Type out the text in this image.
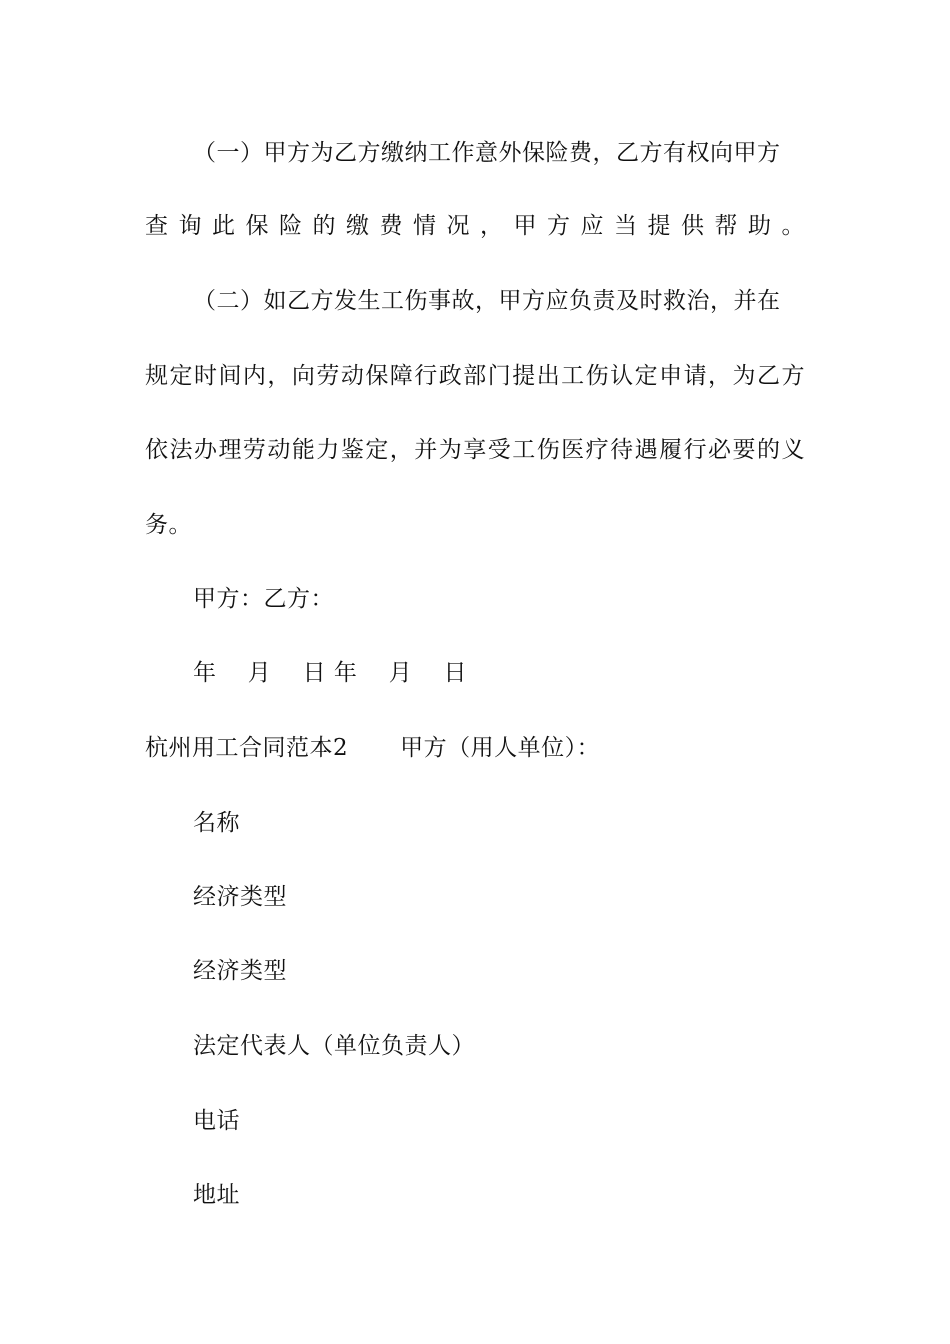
（一）甲方为乙方缴纳工作意外保险费，乙方有权向甲方
查询此保险的缴费情况，甲方应当提供帮助。
（二）如乙方发生工伤事故，甲方应负责及时救治，并在
规定时间内，向劳动保障行政部门提出工伤认定申请，为乙方
依法办理劳动能力鉴定，并为享受工伤医疗待遇履行必要的义
务。
甲方：乙方：
年　 月　 日 年　 月　 日
杭州用工合同范本2 甲方（用人单位）：
名称
经济类型
经济类型
法定代表人（单位负责人）
电话
地址
